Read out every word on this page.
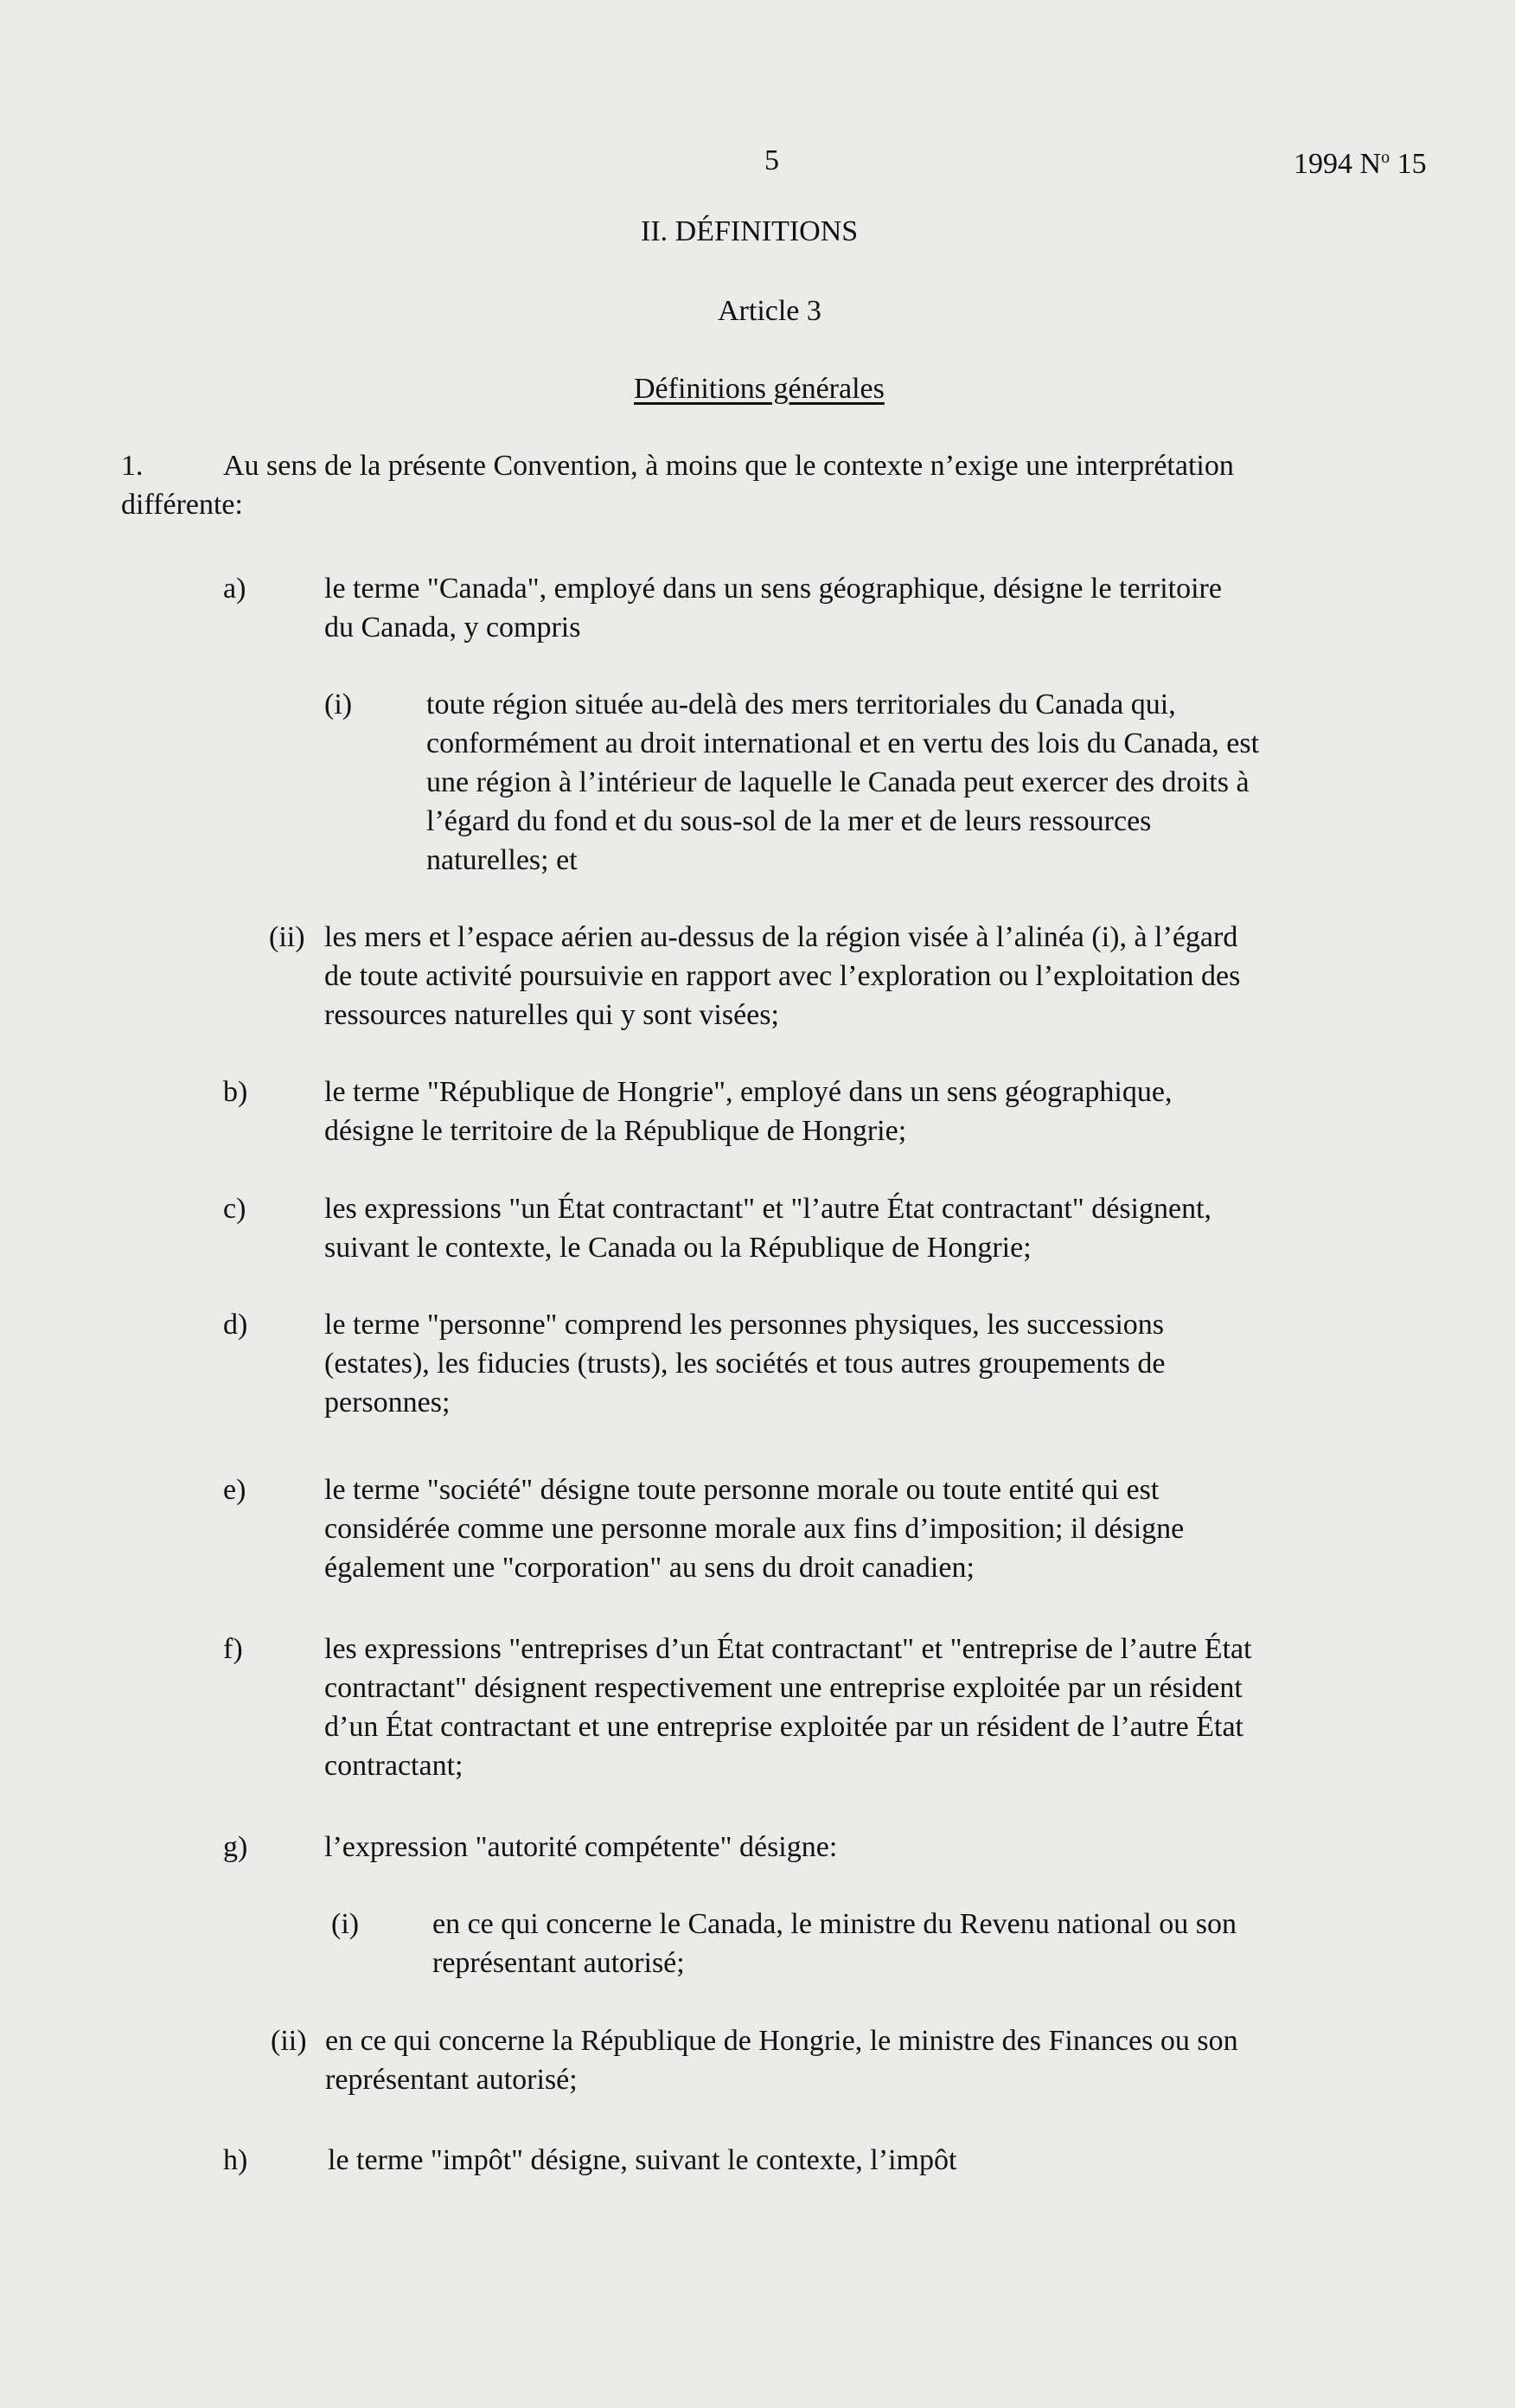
5	1994 $N^o$ 15
II. DÉFINITIONS
Article 3
Définitions générales
1.	Au sens de la présente Convention, à moins que le contexte n’exige une interprétation
différente:
a)	le terme "Canada", employé dans un sens géographique, désigne le territoire
du Canada, y compris
(i)	toute région située au-delà des mers territoriales du Canada qui,
conformément au droit international et en vertu des lois du Canada, est
une région à l’intérieur de laquelle le Canada peut exercer des droits à
l’égard du fond et du sous-sol de la mer et de leurs ressources
naturelles; et
(ii) les mers et l’espace aérien au-dessus de la région visée à l’alinéa (i), à l’égard
de toute activité poursuivie en rapport avec l’exploration ou l’exploitation des
ressources naturelles qui y sont visées;
b)	le terme "République de Hongrie", employé dans un sens géographique,
désigne le territoire de la République de Hongrie;
c)	les expressions "un État contractant" et "l’autre État contractant" désignent,
suivant le contexte, le Canada ou la République de Hongrie;
d)	le terme "personne" comprend les personnes physiques, les successions
(estates), les fiducies (trusts), les sociétés et tous autres groupements de
personnes;
e)	le terme "société" désigne toute personne morale ou toute entité qui est
considérée comme une personne morale aux fins d’imposition; il désigne
également une "corporation" au sens du droit canadien;
f)	les expressions "entreprises d’un État contractant" et "entreprise de l’autre État
contractant" désignent respectivement une entreprise exploitée par un résident
d’un État contractant et une entreprise exploitée par un résident de l’autre État
contractant;
g)	l’expression "autorité compétente" désigne:
(i) en ce qui concerne le Canada, le ministre du Revenu national ou son
représentant autorisé;
(ii) en ce qui concerne la République de Hongrie, le ministre des Finances ou son
représentant autorisé;
h)	le terme "impôt" désigne, suivant le contexte, l’impôt
